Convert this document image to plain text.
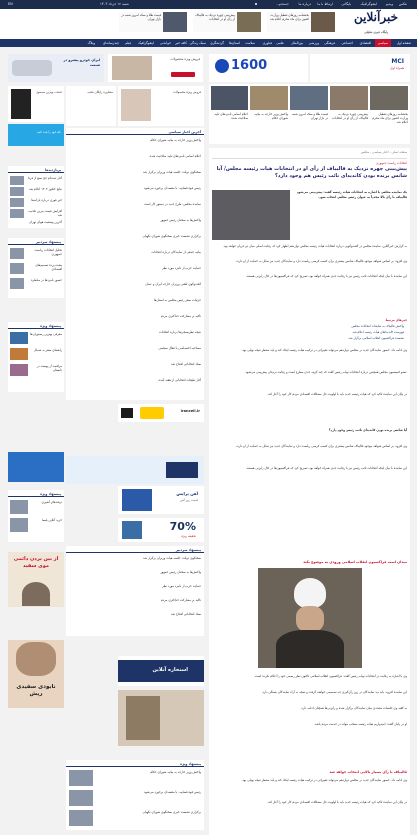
عکس
ویدیو
اینفوگرافیک
بایگانی
ارتباط با ما
درباره ما
جستجو...
شنبه ۱۲ خرداد ۱۴۰۳
EN
خبرآنلاین
پایگاه خبری تحلیلی
بخشنامه روزهای تعطیل وزارت کشور برای ماه محرم اعلام شد
پیش‌بینی چهره نزدیک به قالیباف از رأی او در انتخابات
قیمت طلا و سکه امروز شنبه در بازار تهران
صفحه اول
سیاسی
اقتصادی
اجتماعی
فرهنگی
ورزشی
بین‌الملل
علمی
فناوری
سلامت
استان‌ها
گردشگری
سبک زندگی
کافه خبر
خواندنی
اینفوگرافیک
فیلم
چندرسانه‌ای
وبلاگ
ایران خودرو پیشرو در صنعت
فروش ویژه محصولات 1600	MCI
همراه اول
انتخاب بهترین محصول
نام خود را ثبت کنید
پربازدیدها
آغاز ثبت‌نام حج تمتع از فردا
نتایج کنکور ۱۴۰۳ اعلام شد
خبر فوری درباره یارانه‌ها
افزایش قیمت بنزین تکذیب شد
آخرین وضعیت هوای تهران
پیشنهاد سردبیر
تحلیل انتخابات ریاست جمهوری
پشت پرده تصمیم‌های اقتصادی
حضور نامزدها در مناظره
پیشنهاد ویژه
معرفی بهترین رستوران‌ها
راهنمای سفر به شمال
مراقبت از پوست در تابستان
پیشنهاد ویژه
ترفندهای آشپزی
خرید آنلاین بلیط
از بین بردن دائمی موی سفید
نابودی سفیدی ریش
مشاوره رایگان تغذیه	فروش ویژه محصولات
آخرین اخبار سیاسی
واکنش وزیر خارجه به بیانیه شورای حکام
اعلام اسامی نامزدهای تایید صلاحیت شده
سخنگوی دولت: جلسه هیات وزیران برگزار شد
رئیس قوه قضاییه: با مفسدان برخورد می‌شود
نماینده مجلس: طرح جدید در دستور کار است
واکنش‌ها به سخنان رئیس جمهور
برگزاری نشست خبری سخنگوی شورای نگهبان
بیانیه جمعی از نمایندگان درباره انتخابات
حمایت حزب از نامزد مورد نظر
گفت‌وگوی تلفنی وزیران خارجه ایران و عمان
جزئیات سفر رئیس مجلس به استان‌ها
تاکید بر مشارکت حداکثری مردم
نتیجه نظرسنجی‌ها درباره انتخابات
مصاحبه اختصاصی با فعال سیاسی
ستاد انتخاباتی افتتاح شد
آغاز تبلیغات انتخاباتی از هفته آینده
irancell.ir
آهن پرایس
قیمت روز آهن
70%
تخفیف ویژه
پیشنهاد سردبیر
سخنگوی دولت: جلسه هیات وزیران برگزار شد
واکنش‌ها به سخنان رئیس جمهور
حمایت حزب از نامزد مورد نظر
تاکید بر مشارکت حداکثری مردم
ستاد انتخاباتی افتتاح شد
استخاره آنلاین
پیشنهاد ویژه
واکنش وزیر خارجه به بیانیه شورای حکام
رئیس قوه قضاییه: با مفسدان برخورد می‌شود
برگزاری نشست خبری سخنگوی شورای نگهبان
بخشنامه روزهای تعطیل وزارت کشور برای ماه محرم اعلام شد
پیش‌بینی چهره نزدیک به قالیباف از رأی او در انتخابات
قیمت طلا و سکه امروز شنبه در بازار تهران
واکنش وزیر خارجه به بیانیه شورای حکام
اعلام اسامی نامزدهای تایید صلاحیت شده
صفحه اصلی › اخبار سیاسی › مجلس
انتخابات ریاست جمهوری
پیش‌بینی چهره نزدیک به قالیباف از رأی او در انتخابات هیات رئیسه مجلس/ آیا شانس برنده بودن کاندیدای نائب رئیس هم وجود دارد؟
یک نماینده مجلس با اشاره به انتخابات هیات رئیسه گفت: پیش‌بینی می‌شود قالیباف با رأی بالا مجدداً به عنوان رئیس مجلس انتخاب شود.
به گزارش خبرآنلاین، نماینده مجلس در گفت‌وگویی درباره انتخابات هیات رئیسه مجلس دوازدهم اظهار کرد که رقابت اصلی میان دو جریان خواهد بود.
وی افزود: بر اساس شواهد موجود قالیباف شانس بیشتری برای کسب کرسی ریاست دارد و نمایندگان جدید نیز تمایل به حمایت از او دارند.
این نماینده با بیان اینکه انتخابات نائب رئیس نیز با رقابت جدی همراه خواهد بود، تصریح کرد که فراکسیون‌ها در حال رایزنی هستند.
خبرهای مرتبط
واکنش قالیباف به شایعات انتخابات مجلس
فهرست کاندیداهای هیات رئیسه اعلام شد
نشست فراکسیون انقلاب اسلامی برگزار شد
وی ادامه داد: حضور نمایندگان جدید در مجلس دوازدهم می‌تواند تغییراتی در ترکیب هیات رئیسه ایجاد کند و باید منتظر نتیجه نهایی بود.
عضو کمیسیون مجلس همچنین درباره انتخابات نواب رئیس گفت که چند گزینه جدی مطرح است و رقابت نزدیکی پیش‌بینی می‌شود.
در پایان این نماینده تاکید کرد که هیات رئیسه جدید باید با اولویت حل مشکلات اقتصادی مردم کار خود را آغاز کند.
آیا شانس برنده بودن کاندیدای نائب رئیس وجود دارد؟
وی افزود: بر اساس شواهد موجود قالیباف شانس بیشتری برای کسب کرسی ریاست دارد و نمایندگان جدید نیز تمایل به حمایت از او دارند.
این نماینده با بیان اینکه انتخابات نائب رئیس نیز با رقابت جدی همراه خواهد بود، تصریح کرد که فراکسیون‌ها در حال رایزنی هستند.
میدان است فراکسیون انقلاب اسلامی ورودی به موضوع نکند
وی با اشاره به رقابت در انتخابات نواب رئیس گفت: فراکسیون انقلاب اسلامی تاکنون نظر رسمی خود را اعلام نکرده است.
این نماینده افزود: باید دید نمایندگان در روز رأی‌گیری چه تصمیمی خواهند گرفت و نتیجه به آراء نمایندگان بستگی دارد.
به گفته وی جلسات متعددی میان نمایندگان برگزار شده و رایزنی‌ها همچنان ادامه دارد.
او در پایان گفت: امیدواریم هیات رئیسه منتخب بتواند در خدمت مردم باشد.
قالیباف با رأی بسیار بالایی انتخاب خواهد شد
وی ادامه داد: حضور نمایندگان جدید در مجلس دوازدهم می‌تواند تغییراتی در ترکیب هیات رئیسه ایجاد کند و باید منتظر نتیجه نهایی بود.
در پایان این نماینده تاکید کرد که هیات رئیسه جدید باید با اولویت حل مشکلات اقتصادی مردم کار خود را آغاز کند.
